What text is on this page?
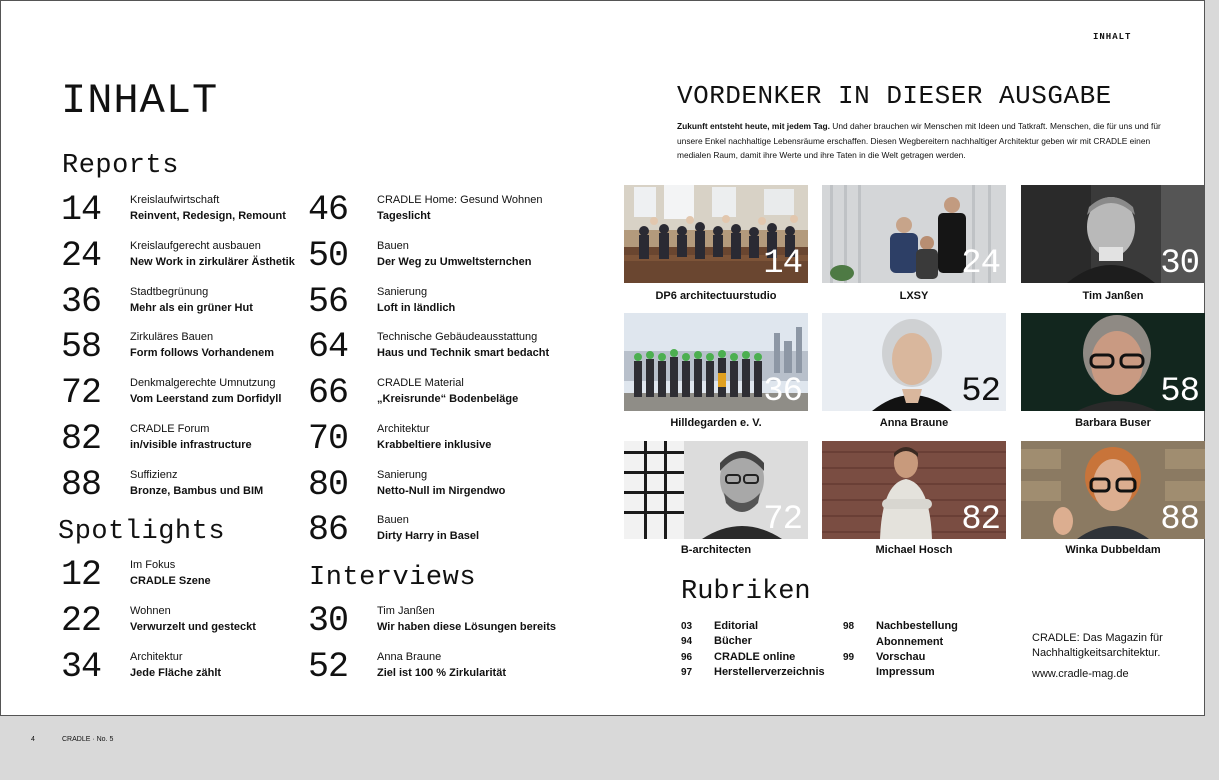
INHALT
INHALT
Reports
14	Kreislaufwirtschaft
Reinvent, Redesign, Remount
24	Kreislaufgerecht ausbauen
New Work in zirkulärer Ästhetik
36	Stadtbegrünung
Mehr als ein grüner Hut
58	Zirkuläres Bauen
Form follows Vorhandenem
72	Denkmalgerechte Umnutzung
Vom Leerstand zum Dorfidyll
82	CRADLE Forum
in/visible infrastructure
88	Suffizienz
Bronze, Bambus und BIM
46	CRADLE Home: Gesund Wohnen
Tageslicht
50	Bauen
Der Weg zu Umweltsternchen
56	Sanierung
Loft in ländlich
64	Technische Gebäudeausstattung
Haus und Technik smart bedacht
66	CRADLE Material
„Kreisrunde“ Bodenbeläge
70	Architektur
Krabbeltiere inklusive
80	Sanierung
Netto-Null im Nirgendwo
86	Bauen
Dirty Harry in Basel
Spotlights
12	Im Fokus
CRADLE Szene
22	Wohnen
Verwurzelt und gesteckt
34	Architektur
Jede Fläche zählt
Interviews
30	Tim Janßen
Wir haben diese Lösungen bereits
52	Anna Braune
Ziel ist 100 % Zirkularität
VORDENKER IN DIESER AUSGABE

Zukunft entsteht heute, mit jedem Tag. Und daher brauchen wir Menschen mit Ideen und Tatkraft. Menschen, die für uns und für unsere Enkel nachhaltige Lebensräume erschaffen. Diesen Wegbereitern nachhaltiger Architektur geben wir mit CRADLE einen medialen Raum, damit ihre Werte und ihre Taten in die Welt getragen werden.

14
DP6 architectuurstudio
24
LXSY
30
Tim Janßen
36
Hilldegarden e. V.
52
Anna Braune
58
Barbara Buser
72
B-architecten
82
Michael Hosch
88
Winka Dubbeldam
Rubriken
03 Editorial
94 Bücher
96 CRADLE online
97 Herstellerverzeichnis
98 Nachbestellung
Abonnement
99 Vorschau
Impressum
CRADLE: Das Magazin für
Nachhaltigkeitsarchitektur.
www.cradle-mag.de
4	CRADLE · No. 5
